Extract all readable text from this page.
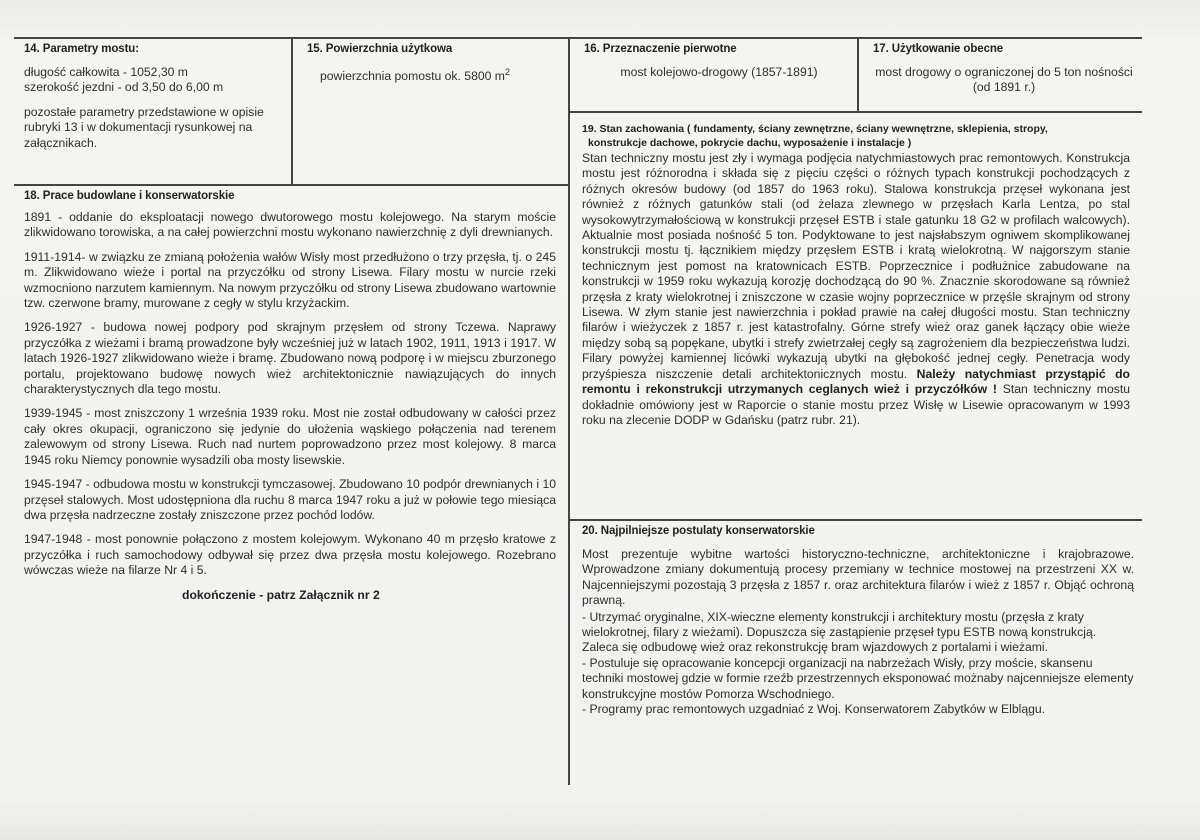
14. Parametry mostu:

długość całkowita - 1052,30 m

szerokość jezdni - od 3,50 do 6,00 m

pozostałe parametry przedstawione w opisie rubryki 13 i w dokumentacji rysunkowej na załącznikach.

15. Powierzchnia użytkowa

powierzchnia pomostu ok. 5800 $m^2$

16. Przeznaczenie pierwotne

most kolejowo-drogowy (1857-1891)

17. Użytkowanie obecne

most drogowy o ograniczonej do 5 ton nośności (od 1891 r.)

18. Prace budowlane i konserwatorskie

1891 - oddanie do eksploatacji nowego dwutorowego mostu kolejowego. Na starym moście zlikwidowano torowiska, a na całej powierzchni mostu wykonano nawierzchnię z dyli drewnianych.

1911-1914- w związku ze zmianą położenia wałów Wisły most przedłużono o trzy przęsła, tj. o 245 m. Zlikwidowano wieże i portal na przyczółku od strony Lisewa. Filary mostu w nurcie rzeki wzmocniono narzutem kamiennym. Na nowym przyczółku od strony Lisewa zbudowano wartownie tzw. czerwone bramy, murowane z cegły w stylu krzyżackim.

1926-1927 - budowa nowej podpory pod skrajnym przęsłem od strony Tczewa. Naprawy przyczółka z wieżami i bramą prowadzone były wcześniej już w latach 1902, 1911, 1913 i 1917. W latach 1926-1927 zlikwidowano wieże i bramę. Zbudowano nową podporę i w miejscu zburzonego portalu, projektowano budowę nowych wież architektonicznie nawiązujących do innych charakterystycznych dla tego mostu.

1939-1945 - most zniszczony 1 września 1939 roku. Most nie został odbudowany w całości przez cały okres okupacji, ograniczono się jedynie do ułożenia wąskiego połączenia nad terenem zalewowym od strony Lisewa. Ruch nad nurtem poprowadzono przez most kolejowy. 8 marca 1945 roku Niemcy ponownie wysadzili oba mosty lisewskie.

1945-1947 - odbudowa mostu w konstrukcji tymczasowej. Zbudowano 10 podpór drewnianych i 10 przęseł stalowych. Most udostępniona dla ruchu 8 marca 1947 roku a już w połowie tego miesiąca dwa przęsła nadrzeczne zostały zniszczone przez pochód lodów.

1947-1948 - most ponownie połączono z mostem kolejowym. Wykonano 40 m przęsło kratowe z przyczółka i ruch samochodowy odbywał się przez dwa przęsła mostu kolejowego. Rozebrano wówczas wieże na filarze Nr 4 i 5.

dokończenie - patrz Załącznik nr 2

19. Stan zachowania ( fundamenty, ściany zewnętrzne, ściany wewnętrzne, sklepienia, stropy,
konstrukcje dachowe, pokrycie dachu, wyposażenie i instalacje )

Stan techniczny mostu jest zły i wymaga podjęcia natychmiastowych prac remontowych. Konstrukcja mostu jest różnorodna i składa się z pięciu części o różnych typach konstrukcji pochodzących z różnych okresów budowy (od 1857 do 1963 roku). Stalowa konstrukcja przęseł wykonana jest również z różnych gatunków stali (od żelaza zlewnego w przęsłach Karla Lentza, po stal wysokowytrzymałościową w konstrukcji przęseł ESTB i stale gatunku 18 G2 w profilach walcowych). Aktualnie most posiada nośność 5 ton. Podyktowane to jest najsłabszym ogniwem skomplikowanej konstrukcji mostu tj. łącznikiem między przęsłem ESTB i kratą wielokrotną. W najgorszym stanie technicznym jest pomost na kratownicach ESTB. Poprzecznice i podłużnice zabudowane na konstrukcji w 1959 roku wykazują korozję dochodzącą do 90 %. Znacznie skorodowane są również przęsła z kraty wielokrotnej i zniszczone w czasie wojny poprzecznice w przęśle skrajnym od strony Lisewa. W złym stanie jest nawierzchnia i pokład prawie na całej długości mostu. Stan techniczny filarów i wieżyczek z 1857 r. jest katastrofalny. Górne strefy wież oraz ganek łączący obie wieże między sobą są popękane, ubytki i strefy zwietrzałej cegły są zagrożeniem dla bezpieczeństwa ludzi. Filary powyżej kamiennej licówki wykazują ubytki na głębokość jednej cegły. Penetracja wody przyśpiesza niszczenie detali architektonicznych mostu. Należy natychmiast przystąpić do remontu i rekonstrukcji utrzymanych ceglanych wież i przyczółków ! Stan techniczny mostu dokładnie omówiony jest w Raporcie o stanie mostu przez Wisłę w Lisewie opracowanym w 1993 roku na zlecenie DODP w Gdańsku (patrz rubr. 21).

20. Najpilniejsze postulaty konserwatorskie

Most prezentuje wybitne wartości historyczno-techniczne, architektoniczne i krajobrazowe. Wprowadzone zmiany dokumentują procesy przemiany w technice mostowej na przestrzeni XX w. Najcenniejszymi pozostają 3 przęsła z 1857 r. oraz architektura filarów i wież z 1857 r. Objąć ochroną prawną.

- Utrzymać oryginalne, XIX-wieczne elementy konstrukcji i architektury mostu (przęsła z kraty wielokrotnej, filary z wieżami). Dopuszcza się zastąpienie przęseł typu ESTB nową konstrukcją. Zaleca się odbudowę wież oraz rekonstrukcję bram wjazdowych z portalami i wieżami.

- Postuluje się opracowanie koncepcji organizacji na nabrzeżach Wisły, przy moście, skansenu techniki mostowej gdzie w formie rzeźb przestrzennych eksponować możnaby najcenniejsze elementy konstrukcyjne mostów Pomorza Wschodniego.

- Programy prac remontowych uzgadniać z Woj. Konserwatorem Zabytków w Elblągu.
